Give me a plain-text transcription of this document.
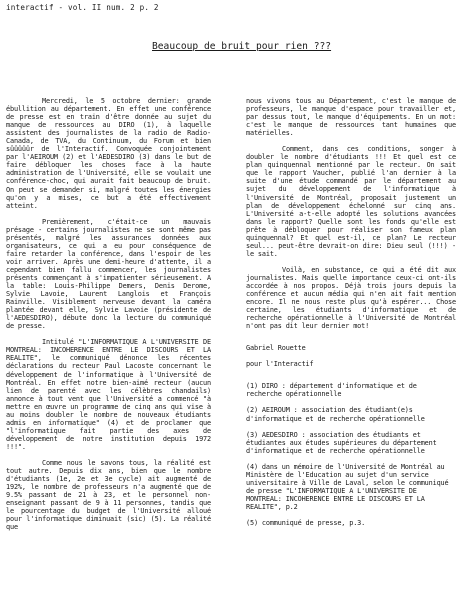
interactif - vol. II num. 2 p. 2
Beaucoup de bruit pour rien ???

Mercredi, le 5 octobre dernier: grande ébullition au département. En effet une conférence de presse est en train d'être donnée au sujet du manque de ressources au DIRO (1), à laquelle assistent des journalistes de la radio de Radio-Canada, de TVA, du Continuum, du Forum et bien sûûûûûr de l'Interactif. Convoquée conjointement par l'AEIROUM (2) et l'AEDESDIRO (3) dans le but de faire débloquer les choses face à la haute administration de l'Université, elle se voulait une conférence-choc, qui aurait fait beaucoup de bruit. On peut se demander si, malgré toutes les énergies qu'on y a mises, ce but a été effectivement atteint.

Premièrement, c'était-ce un mauvais présage - certains journalistes ne se sont même pas présentés, malgré les assurances données aux organisateurs, ce qui a eu pour conséquence de faire retarder la conférence, dans l'espoir de les voir arriver. Après une demi-heure d'attente, il a cependant bien fallu commencer, les journalistes présents commençant à s'impatienter sérieusement. A la table: Louis-Philippe Demers, Denis Derome, Sylvie Lavoie, Laurent Langlois et François Rainville. Visiblement nerveuse devant la caméra plantée devant elle, Sylvie Lavoie (présidente de l'AEDESDIRO), débute donc la lecture du communiqué de presse.

Intitulé "L'INFORMATIQUE A L'UNIVERSITE DE MONTREAL: INCOHERENCE ENTRE LE DISCOURS ET LA REALITE", le communiqué dénonce les récentes déclarations du recteur Paul Lacoste concernant le développement de l'informatique à l'Université de Montréal. En effet notre bien-aimé recteur (aucun lien de parenté avec les célèbres chandails) annonce à tout vent que l'Université a commencé "à mettre en œuvre un programme de cinq ans qui vise à au moins doubler le nombre de nouveaux étudiants admis en informatique" (4) et de proclamer que "l'informatique fait partie des axes de développement de notre institution depuis 1972 !!!".

Comme nous le savons tous, la réalité est tout autre. Depuis dix ans, bien que le nombre d'étudiants (1e, 2e et 3e cycle) ait augmenté de 192%, le nombre de professeurs n'a augmenté que de 9.5% passant de 21 à 23, et le personnel non-enseignant passant de 9 à 11 personnes, tandis que le pourcentage du budget de l'Université alloué pour l'informatique diminuait (sic) (5). La réalité que

nous vivons tous au Département, c'est le manque de professeurs, le manque d'espace pour travailler et, par dessus tout, le manque d'équipements. En un mot: c'est le manque de ressources tant humaines que matérielles.

Comment, dans ces conditions, songer à doubler le nombre d'étudiants !!! Et quel est ce plan quinquennal mentionné par le recteur. On sait que le rapport Vaucher, publié l'an dernier à la suite d'une étude commandé par le département au sujet du développement de l'informatique à l'Université de Montréal, proposait justement un plan de développement échelonné sur cinq ans. L'Université a-t-elle adopté les solutions avancées dans le rapport? Quelle sont les fonds qu'elle est prête à débloquer pour réaliser son fameux plan quinquennal? Et quel est-il, ce plan? Le recteur seul... peut-être devrait-on dire: Dieu seul (!!!) - le sait.

Voilà, en substance, ce qui a été dit aux journalistes. Mais quelle importance ceux-ci ont-ils accordée à nos propos. Déjà trois jours depuis la conférence et aucun média qui n'en ait fait mention encore. Il ne nous reste plus qu'à espérer... Chose certaine, les étudiants d'informatique et de recherche opérationnelle à l'Université de Montréal n'ont pas dit leur dernier mot!

Gabriel Rouette

pour l'Interactif

(1) DIRO : département d'informatique et de recherche opérationnelle

(2) AEIROUM : association des étudiant(e)s d'informatique et de recherche opérationnelle

(3) AEDESDIRO : association des étudiants et étudiantes aux études supérieures du département d'informatique et de recherche opérationnelle

(4) dans un mémoire de l'Université de Montréal au Ministère de l'Education au sujet d'un service universitaire à Ville de Laval, selon le communiqué de presse "L'INFORMATIQUE A L'UNIVERSITE DE MONTREAL: INCOHERENCE ENTRE LE DISCOURS ET LA REALITE", p.2

(5) communiqué de presse, p.3.
